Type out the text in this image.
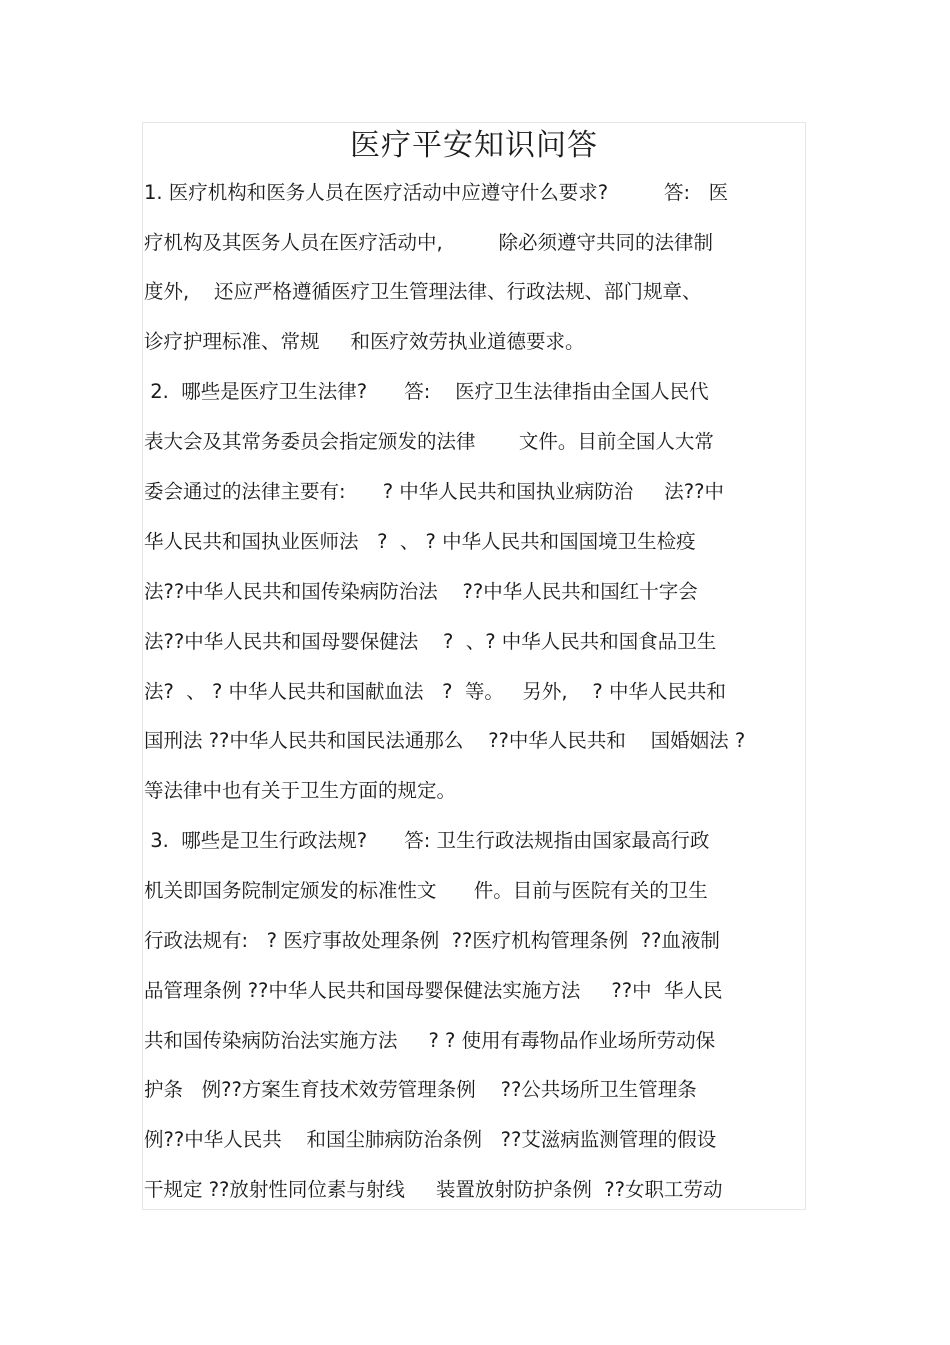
医疗平安知识问答

1. 医疗机构和医务人员在医疗活动中应遵守什么要求?         答:   医

疗机构及其医务人员在医疗活动中,         除必须遵守共同的法律制

度外,    还应严格遵循医疗卫生管理法律、行政法规、部门规章、

诊疗护理标准、常规     和医疗效劳执业道德要求。

2.  哪些是医疗卫生法律?      答:    医疗卫生法律指由全国人民代

表大会及其常务委员会指定颁发的法律       文件。目前全国人大常

委会通过的法律主要有:      ? 中华人民共和国执业病防治     法??中

华人民共和国执业医师法   ?  、 ? 中华人民共和国国境卫生检疫

法??中华人民共和国传染病防治法    ??中华人民共和国红十字会

法??中华人民共和国母婴保健法    ?  、? 中华人民共和国食品卫生

法?  、 ? 中华人民共和国献血法   ?  等。   另外,    ? 中华人民共和

国刑法 ??中华人民共和国民法通那么    ??中华人民共和    国婚姻法 ?

等法律中也有关于卫生方面的规定。

3.  哪些是卫生行政法规?      答: 卫生行政法规指由国家最高行政

机关即国务院制定颁发的标准性文      件。目前与医院有关的卫生

行政法规有:   ? 医疗事故处理条例  ??医疗机构管理条例  ??血液制

品管理条例 ??中华人民共和国母婴保健法实施方法     ??中  华人民

共和国传染病防治法实施方法     ? ? 使用有毒物品作业场所劳动保

护条   例??方案生育技术效劳管理条例    ??公共场所卫生管理条

例??中华人民共    和国尘肺病防治条例   ??艾滋病监测管理的假设

干规定 ??放射性同位素与射线     装置放射防护条例  ??女职工劳动
